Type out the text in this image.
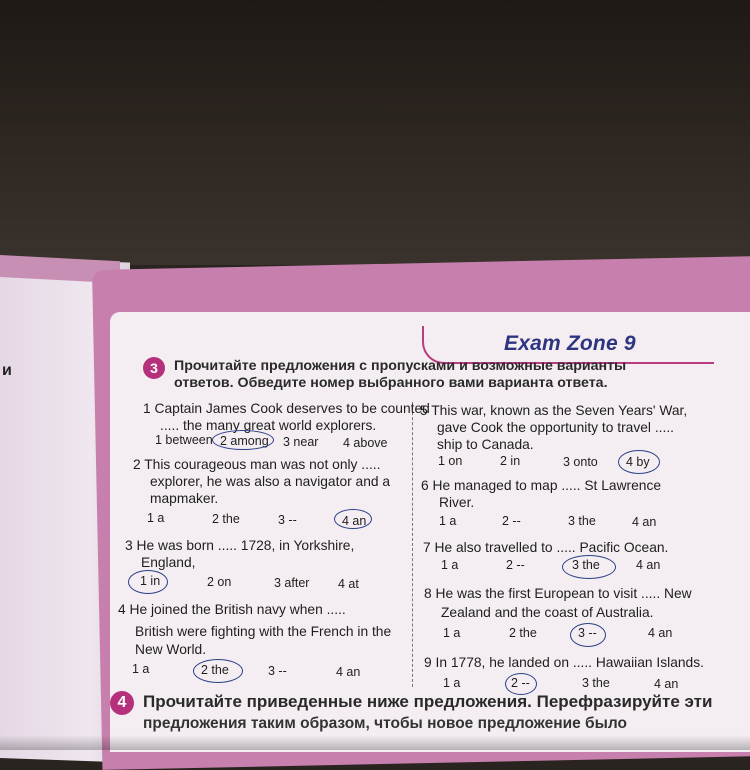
и
Exam Zone 9
3	Прочитайте предложения с пропусками и возможные варианты
ответов. Обведите номер выбранного вами варианта ответа.
1 Captain James Cook deserves to be counted
..... the many great world explorers.
1 between 2 among 3 near 4 above
2 This courageous man was not only .....
explorer, he was also a navigator and a
mapmaker.
1 a	2 the	3 --	4 an
3 He was born ..... 1728, in Yorkshire,
England,
1 in	2 on	3 after 4 at
4 He joined the British navy when .....
British were fighting with the French in the
New World.
1 a	2 the	3 --	4 an
5 This war, known as the Seven Years' War,
gave Cook the opportunity to travel .....
ship to Canada.
1 on	2 in	3 onto 4 by
6 He managed to map ..... St Lawrence
River.
1 a	2 --	3 the	4 an
7 He also travelled to ..... Pacific Ocean.
1 a	2 --	3 the	4 an
8 He was the first European to visit ..... New
Zealand and the coast of Australia.
1 a	2 the	3 --	4 an
9 In 1778, he landed on ..... Hawaiian Islands.
1 a	2 --	3 the	4 an
4 Прочитайте приведенные ниже предложения. Перефразируйте эти
предложения таким образом, чтобы новое предложение было
